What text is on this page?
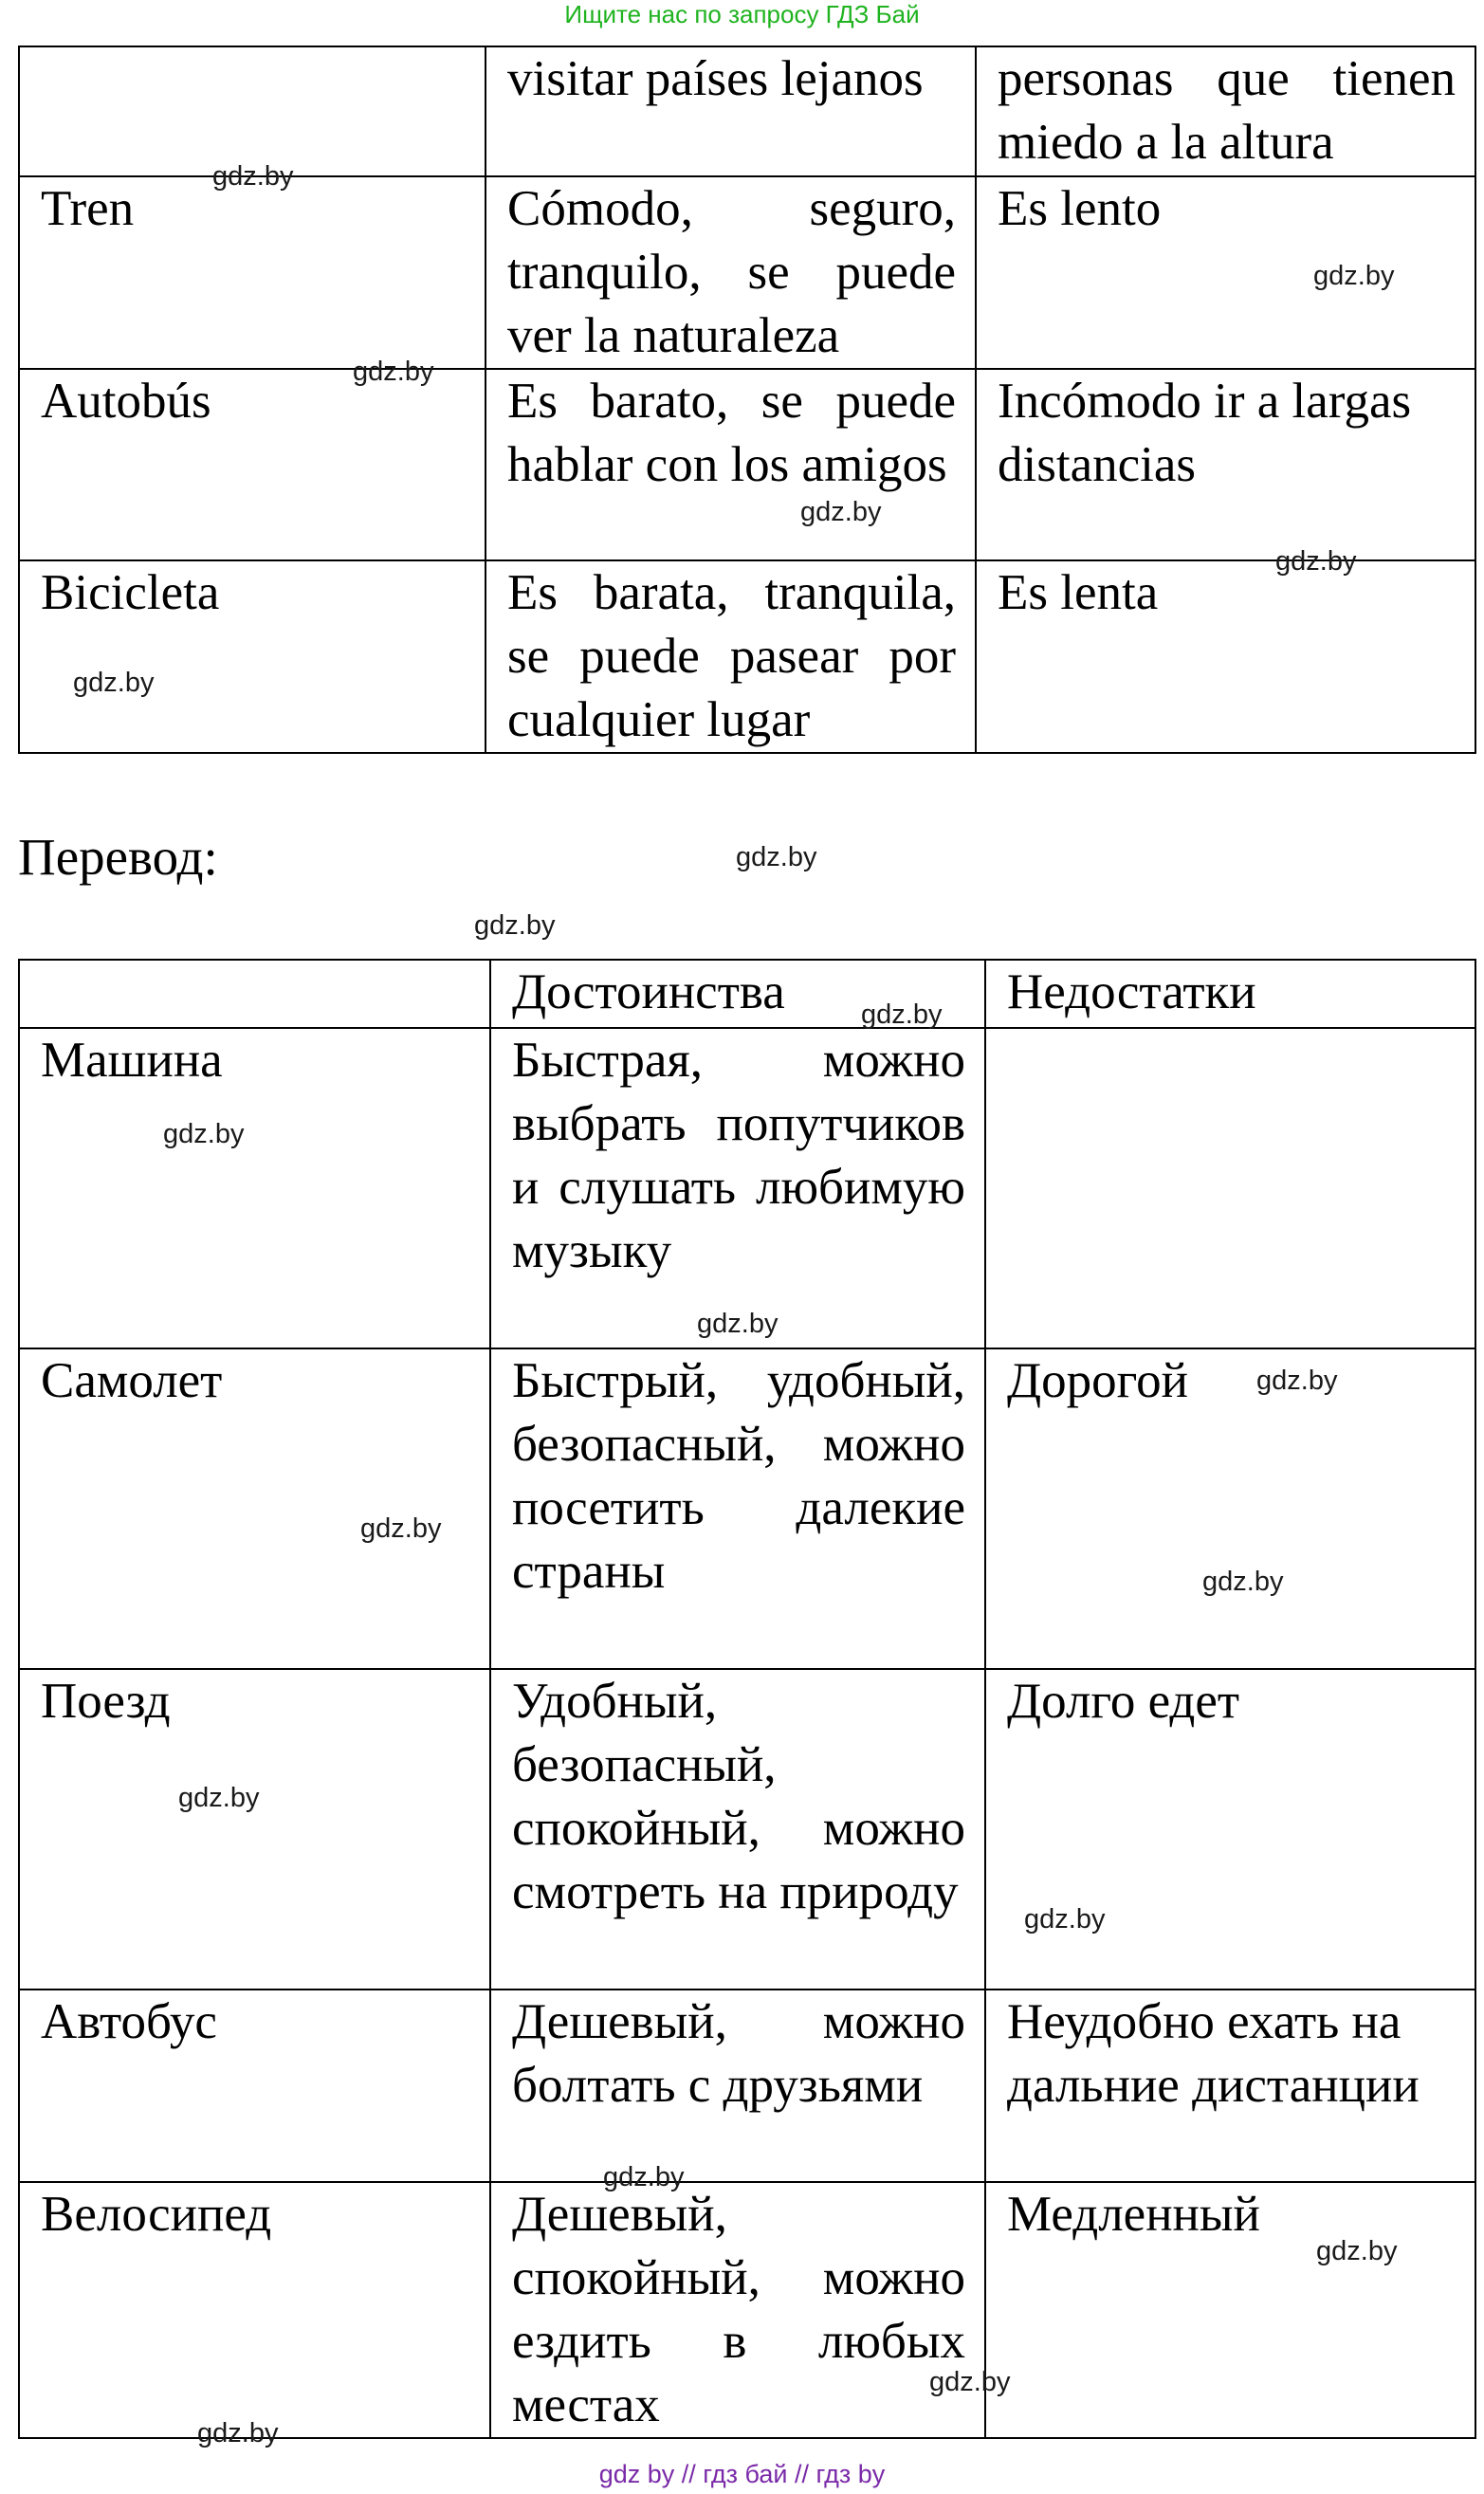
Ищите нас по запросу ГДЗ Бай
	visitar países lejanos	personas que tienen miedo a la altura
Tren	Cómodo, seguro, tranquilo, se puede ver la naturaleza	Es lento
Autobús	Es barato, se puede hablar con los amigos	Incómodo ir a largas distancias
Bicicleta	Es barata, tranquila, se puede pasear por cualquier lugar	Es lenta
Перевод:
	Достоинства	Недостатки
Машина	Быстрая, можно выбрать попутчиков и слушать любимую музыку	
Самолет	Быстрый, удобный, безопасный, можно посетить далекие страны	Дорогой
Поезд	Удобный, безопасный, спокойный, можно смотреть на природу	Долго едет
Автобус	Дешевый, можно болтать с друзьями	Неудобно ехать на дальние дистанции
Велосипед	Дешевый, спокойный, можно ездить в любых местах	Медленный
gdz.by
gdz.by
gdz.by
gdz.by
gdz.by
gdz.by
gdz.by
gdz.by
gdz.by
gdz.by
gdz.by
gdz.by
gdz.by
gdz.by
gdz.by
gdz.by
gdz.by
gdz.by
gdz.by
gdz.by
gdz by // гдз бай // гдз by
